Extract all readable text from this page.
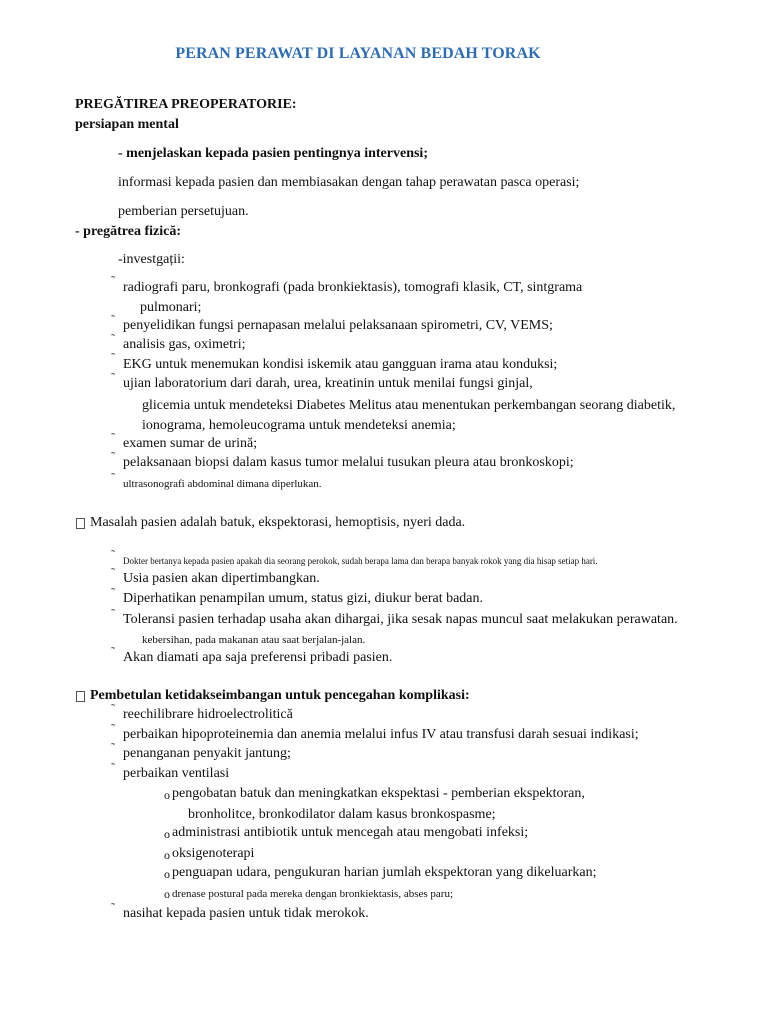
PERAN PERAWAT DI LAYANAN BEDAH TORAK
PREGĂTIREA PREOPERATORIE:
persiapan mental
- menjelaskan kepada pasien pentingnya intervensi;
informasi kepada pasien dan membiasakan dengan tahap perawatan pasca operasi;
pemberian persetujuan.
- pregătrea fizică:
-investgații:
˜ radiografi paru, bronkografi (pada bronkiektasis), tomografi klasik, CT, sintgrama
pulmonari;
˜ penyelidikan fungsi pernapasan melalui pelaksanaan spirometri, CV, VEMS;
˜ analisis gas, oximetri;
˜ EKG untuk menemukan kondisi iskemik atau gangguan irama atau konduksi;
˜ ujian laboratorium dari darah, urea, kreatinin untuk menilai fungsi ginjal,
glicemia untuk mendeteksi Diabetes Melitus atau menentukan perkembangan seorang diabetik,
ionograma, hemoleucograma untuk mendeteksi anemia;
˜ examen sumar de urină;
˜ pelaksanaan biopsi dalam kasus tumor melalui tusukan pleura atau bronkoskopi;
˜ ultrasonografi abdominal dimana diperlukan.
Masalah pasien adalah batuk, ekspektorasi, hemoptisis, nyeri dada.
˜ Dokter bertanya kepada pasien apakah dia seorang perokok, sudah berapa lama dan berapa banyak rokok yang dia hisap setiap hari.
˜ Usia pasien akan dipertimbangkan.
˜ Diperhatikan penampilan umum, status gizi, diukur berat badan.
˜ Toleransi pasien terhadap usaha akan dihargai, jika sesak napas muncul saat melakukan perawatan.
kebersihan, pada makanan atau saat berjalan-jalan.
˜ Akan diamati apa saja preferensi pribadi pasien.
Pembetulan ketidakseimbangan untuk pencegahan komplikasi:
˜ reechilibrare hidroelectrolitică
˜ perbaikan hipoproteinemia dan anemia melalui infus IV atau transfusi darah sesuai indikasi;
˜ penanganan penyakit jantung;
˜ perbaikan ventilasi
o pengobatan batuk dan meningkatkan ekspektasi - pemberian ekspektoran,
bronholitce, bronkodilator dalam kasus bronkospasme;
o administrasi antibiotik untuk mencegah atau mengobati infeksi;
o oksigenoterapi
o penguapan udara, pengukuran harian jumlah ekspektoran yang dikeluarkan;
o drenase postural pada mereka dengan bronkiektasis, abses paru;
˜ nasihat kepada pasien untuk tidak merokok.
